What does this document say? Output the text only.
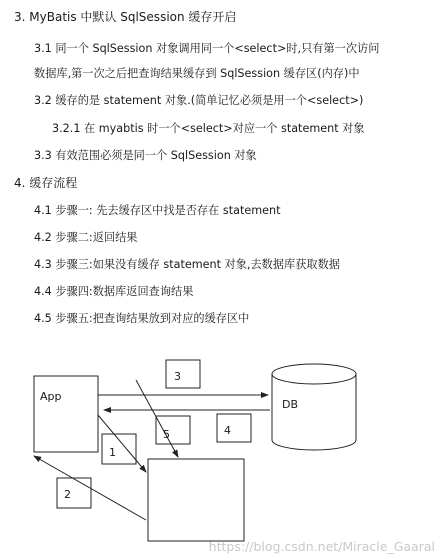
3. MyBatis 中默认 SqlSession 缓存开启
3.1 同一个 SqlSession 对象调用同一个<select>时,只有第一次访问
数据库,第一次之后把查询结果缓存到 SqlSession 缓存区(内存)中
3.2 缓存的是 statement 对象.(简单记忆必须是用一个<select>)
3.2.1 在 myabtis 时一个<select>对应一个 statement 对象
3.3 有效范围必须是同一个 SqlSession 对象
4. 缓存流程
4.1 步骤一: 先去缓存区中找是否存在 statement
4.2 步骤二:返回结果
4.3 步骤三:如果没有缓存 statement 对象,去数据库获取数据
4.4 步骤四:数据库返回查询结果
4.5 步骤五:把查询结果放到对应的缓存区中
App
DB
1
2
3
4
5
https://blog.csdn.net/Miracle_Gaaral
